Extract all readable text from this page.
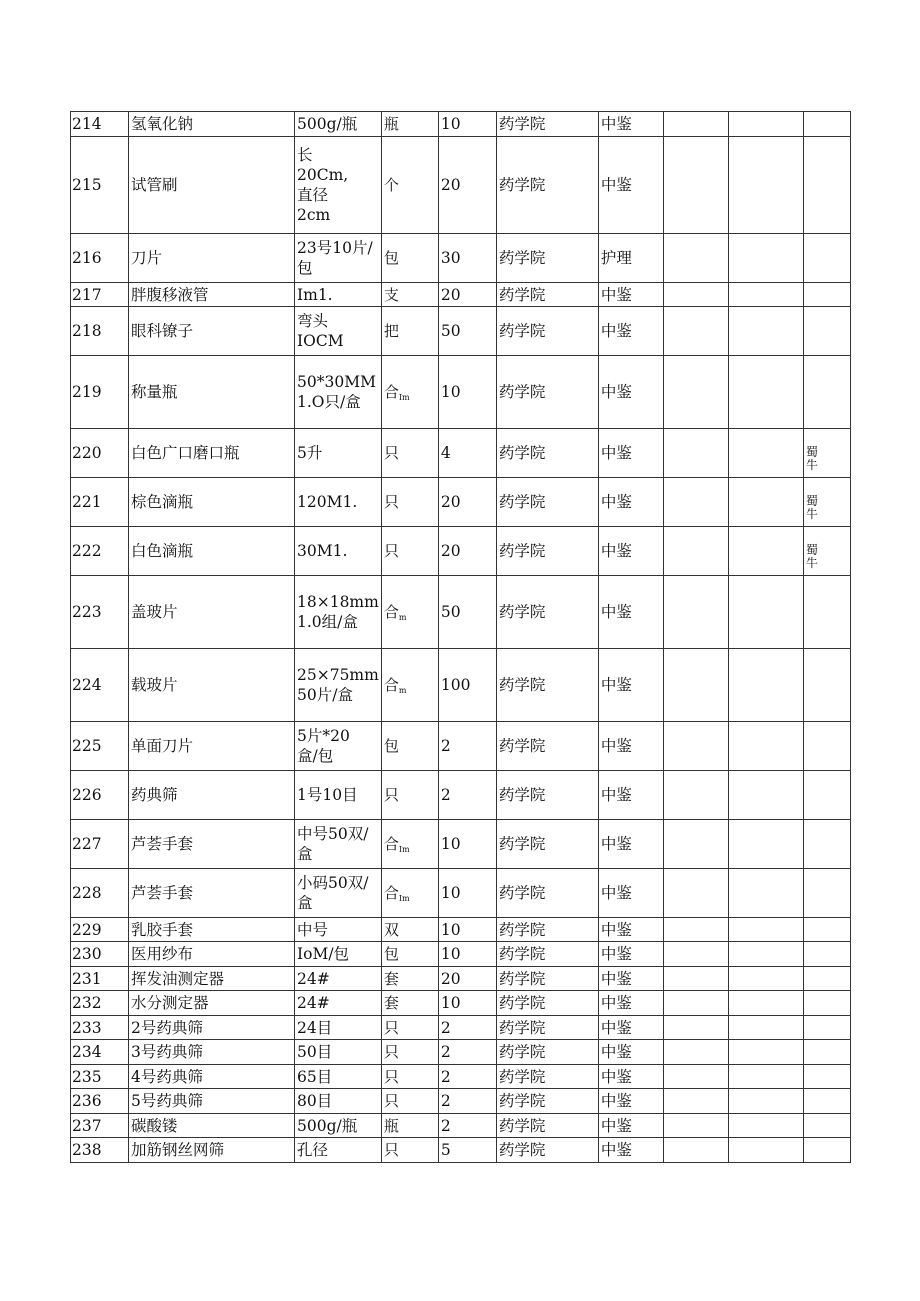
214	氢氧化钠	500g/瓶	瓶	10	药学院	中鉴			
215	试管刷	长
20Cm,
直径
2cm	个	20	药学院	中鉴			
216	刀片	23号10片/
包	包	30	药学院	护理			
217	胖腹移液管	Im1.	支	20	药学院	中鉴			
218	眼科镣子	弯头
IOCM	把	50	药学院	中鉴			
219	称量瓶	50*30MM
1.O只/盒	合Im	10	药学院	中鉴			
220	白色广口磨口瓶	5升	只	4	药学院	中鉴			蜀
牛

221	棕色滴瓶	120M1.	只	20	药学院	中鉴			蜀
牛

222	白色滴瓶	30M1.	只	20	药学院	中鉴			蜀
牛

223	盖玻片	18×18mm
1.0组/盒	合m	50	药学院	中鉴			
224	载玻片	25×75mm
50片/盒	合m	100	药学院	中鉴			
225	单面刀片	5片*20
盒/包	包	2	药学院	中鉴			
226	药典筛	1号10目	只	2	药学院	中鉴			
227	芦荟手套	中号50双/
盒	合Im	10	药学院	中鉴			
228	芦荟手套	小码50双/
盒	合Im	10	药学院	中鉴			
229	乳胶手套	中号	双	10	药学院	中鉴			
230	医用纱布	IoM/包	包	10	药学院	中鉴			
231	挥发油测定器	24#	套	20	药学院	中鉴			
232	水分测定器	24#	套	10	药学院	中鉴			
233	2号药典筛	24目	只	2	药学院	中鉴			
234	3号药典筛	50目	只	2	药学院	中鉴			
235	4号药典筛	65目	只	2	药学院	中鉴			
236	5号药典筛	80目	只	2	药学院	中鉴			
237	碳酸镂	500g/瓶	瓶	2	药学院	中鉴			
238	加筋钢丝网筛	孔径	只	5	药学院	中鉴			
